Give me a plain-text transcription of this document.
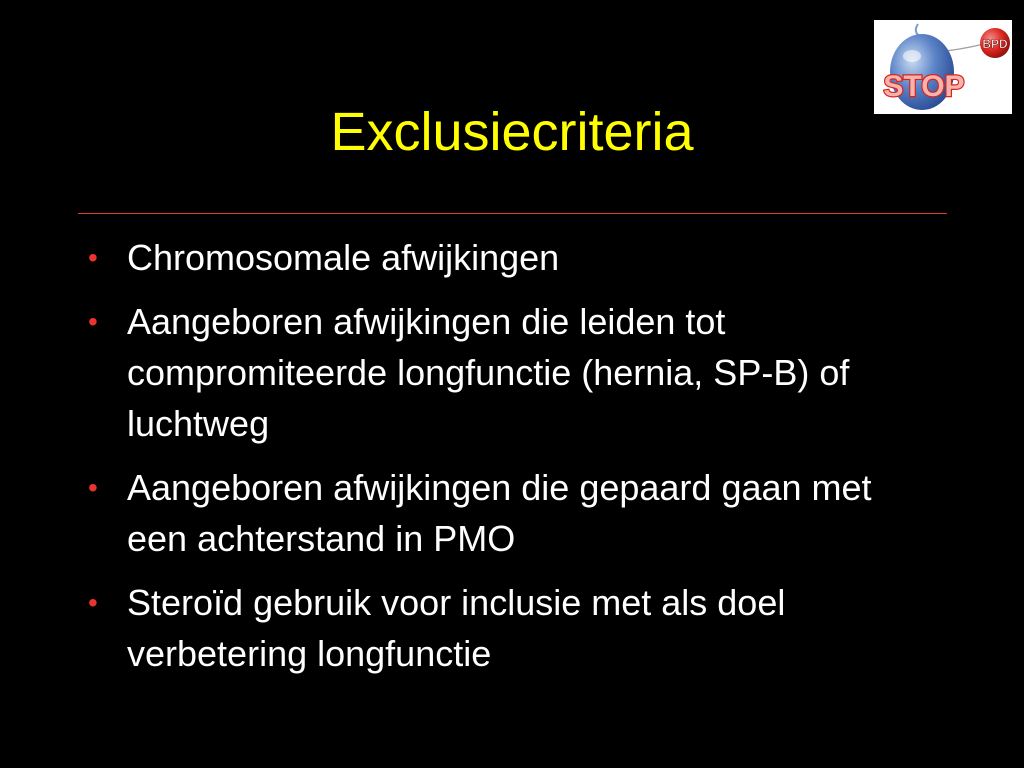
BPD
STOP
Exclusiecriteria
• Chromosomale afwijkingen
• Aangeboren afwijkingen die leiden tot compromiteerde longfunctie (hernia, SP-B) of luchtweg
• Aangeboren afwijkingen die gepaard gaan met een achterstand in PMO
• Steroïd gebruik voor inclusie met als doel verbetering longfunctie
